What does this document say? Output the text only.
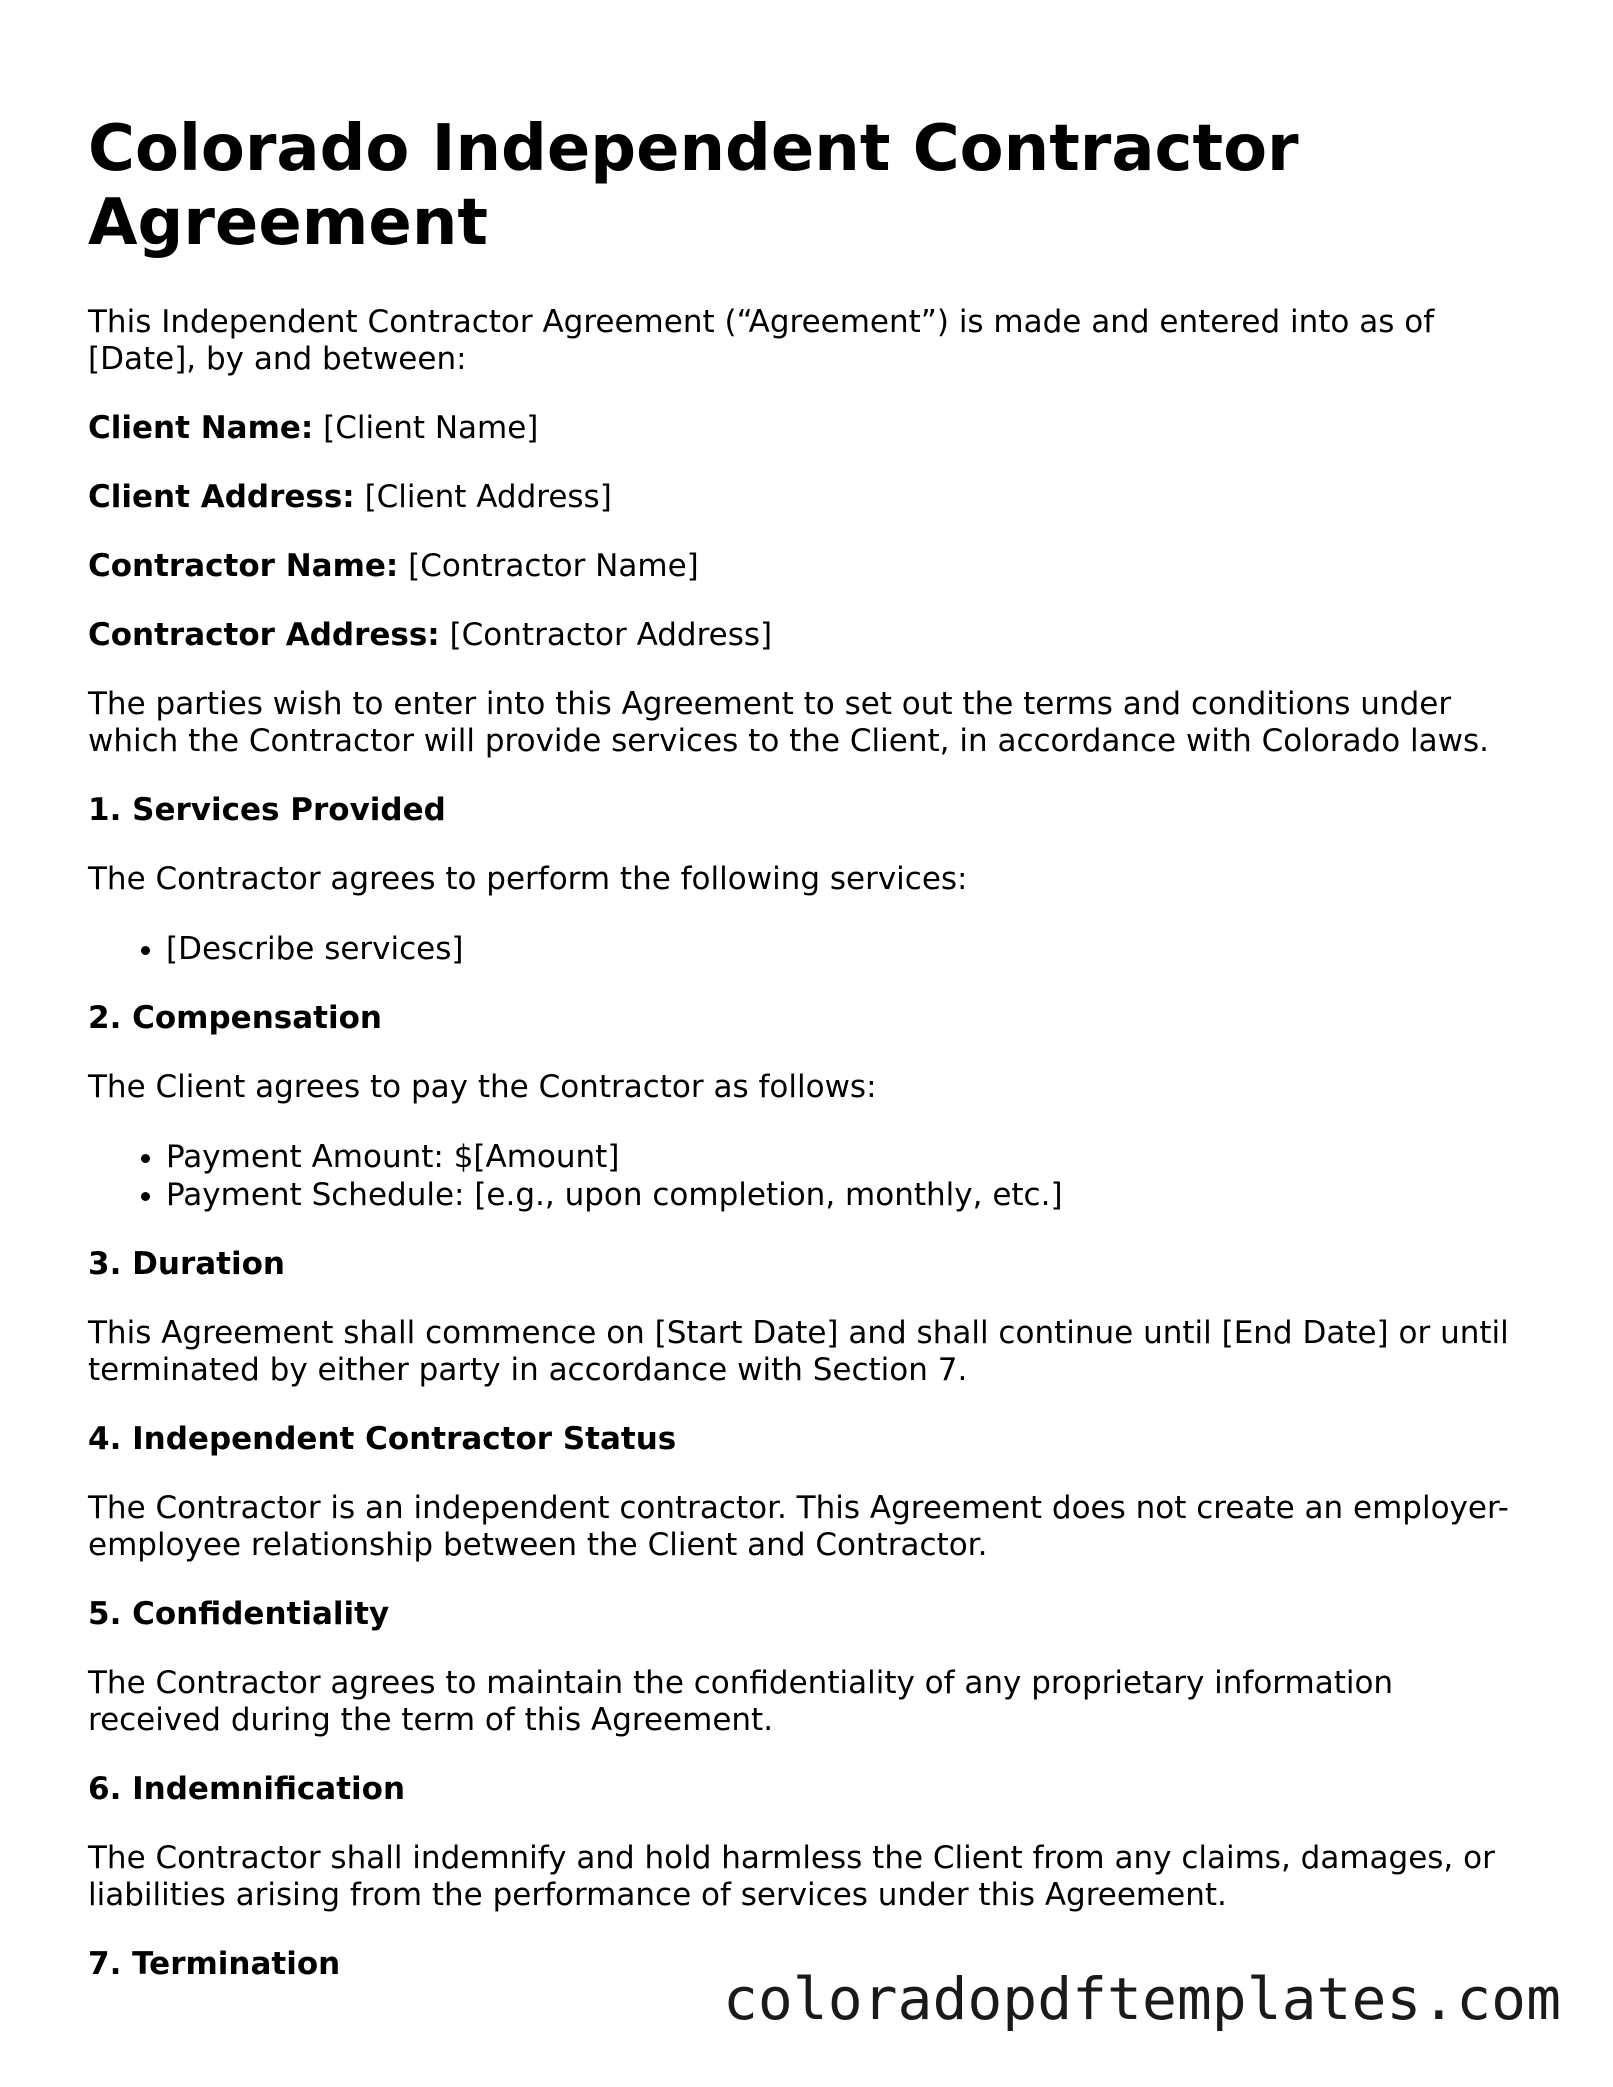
Colorado Independent Contractor Agreement

This Independent Contractor Agreement (“Agreement”) is made and entered into as of [Date], by and between:

Client Name: [Client Name]
Client Address: [Client Address]
Contractor Name: [Contractor Name]
Contractor Address: [Contractor Address]

The parties wish to enter into this Agreement to set out the terms and conditions under which the Contractor will provide services to the Client, in accordance with Colorado laws.

1. Services Provided

The Contractor agrees to perform the following services:

• [Describe services]
2. Compensation

The Client agrees to pay the Contractor as follows:

• Payment Amount: $[Amount]
• Payment Schedule: [e.g., upon completion, monthly, etc.]
3. Duration

This Agreement shall commence on [Start Date] and shall continue until [End Date] or until terminated by either party in accordance with Section 7.

4. Independent Contractor Status

The Contractor is an independent contractor. This Agreement does not create an employer-employee relationship between the Client and Contractor.

5. Confidentiality

The Contractor agrees to maintain the confidentiality of any proprietary information received during the term of this Agreement.

6. Indemnification

The Contractor shall indemnify and hold harmless the Client from any claims, damages, or liabilities arising from the performance of services under this Agreement.

7. Termination
coloradopdftemplates.com
